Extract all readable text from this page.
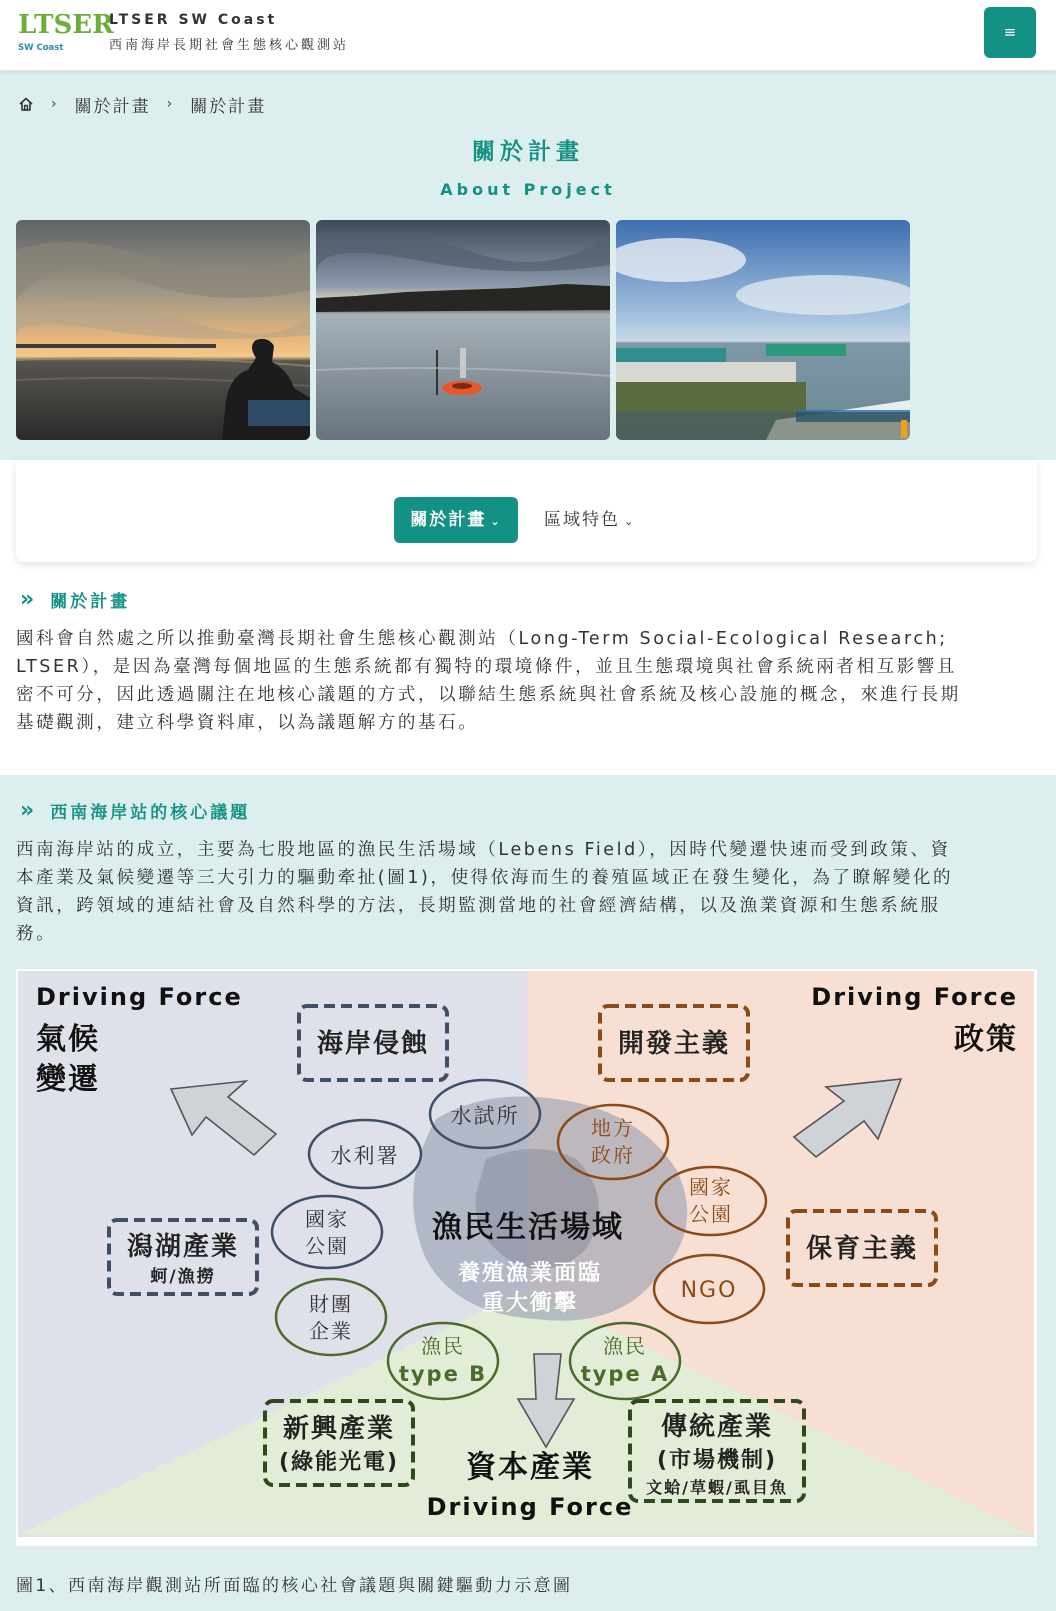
LTSER
SW Coast
LTSER SW Coast
西南海岸長期社會生態核心觀測站
≡
› 關於計畫 › 關於計畫
關於計畫
About Project
關於計畫 ⌄	區域特色 ⌄
» 關於計畫
國科會自然處之所以推動臺灣長期社會生態核心觀測站（Long-Term Social-Ecological Research;
LTSER），是因為臺灣每個地區的生態系統都有獨特的環境條件，並且生態環境與社會系統兩者相互影響且
密不可分，因此透過關注在地核心議題的方式，以聯結生態系統與社會系統及核心設施的概念，來進行長期
基礎觀測，建立科學資料庫，以為議題解方的基石。
» 西南海岸站的核心議題
西南海岸站的成立，主要為七股地區的漁民生活場域（Lebens Field），因時代變遷快速而受到政策、資
本產業及氣候變遷等三大引力的驅動牽扯(圖1)，使得依海而生的養殖區域正在發生變化，為了瞭解變化的
資訊，跨領域的連結社會及自然科學的方法，長期監測當地的社會經濟結構，以及漁業資源和生態系統服
務。
Driving Force
氣候
變遷
Driving Force
政策
資本產業
Driving Force
海岸侵蝕
潟湖產業
蚵/漁撈
開發主義
保育主義
新興產業
(綠能光電)
傳統產業
(市場機制)
文蛤/草蝦/虱目魚
水試所
水利署
國家
公園
地方
政府
國家
公園
NGO
財團
企業
漁民
type B
漁民
type A
漁民生活場域
養殖漁業面臨
重大衝擊
圖1、西南海岸觀測站所面臨的核心社會議題與關鍵驅動力示意圖
